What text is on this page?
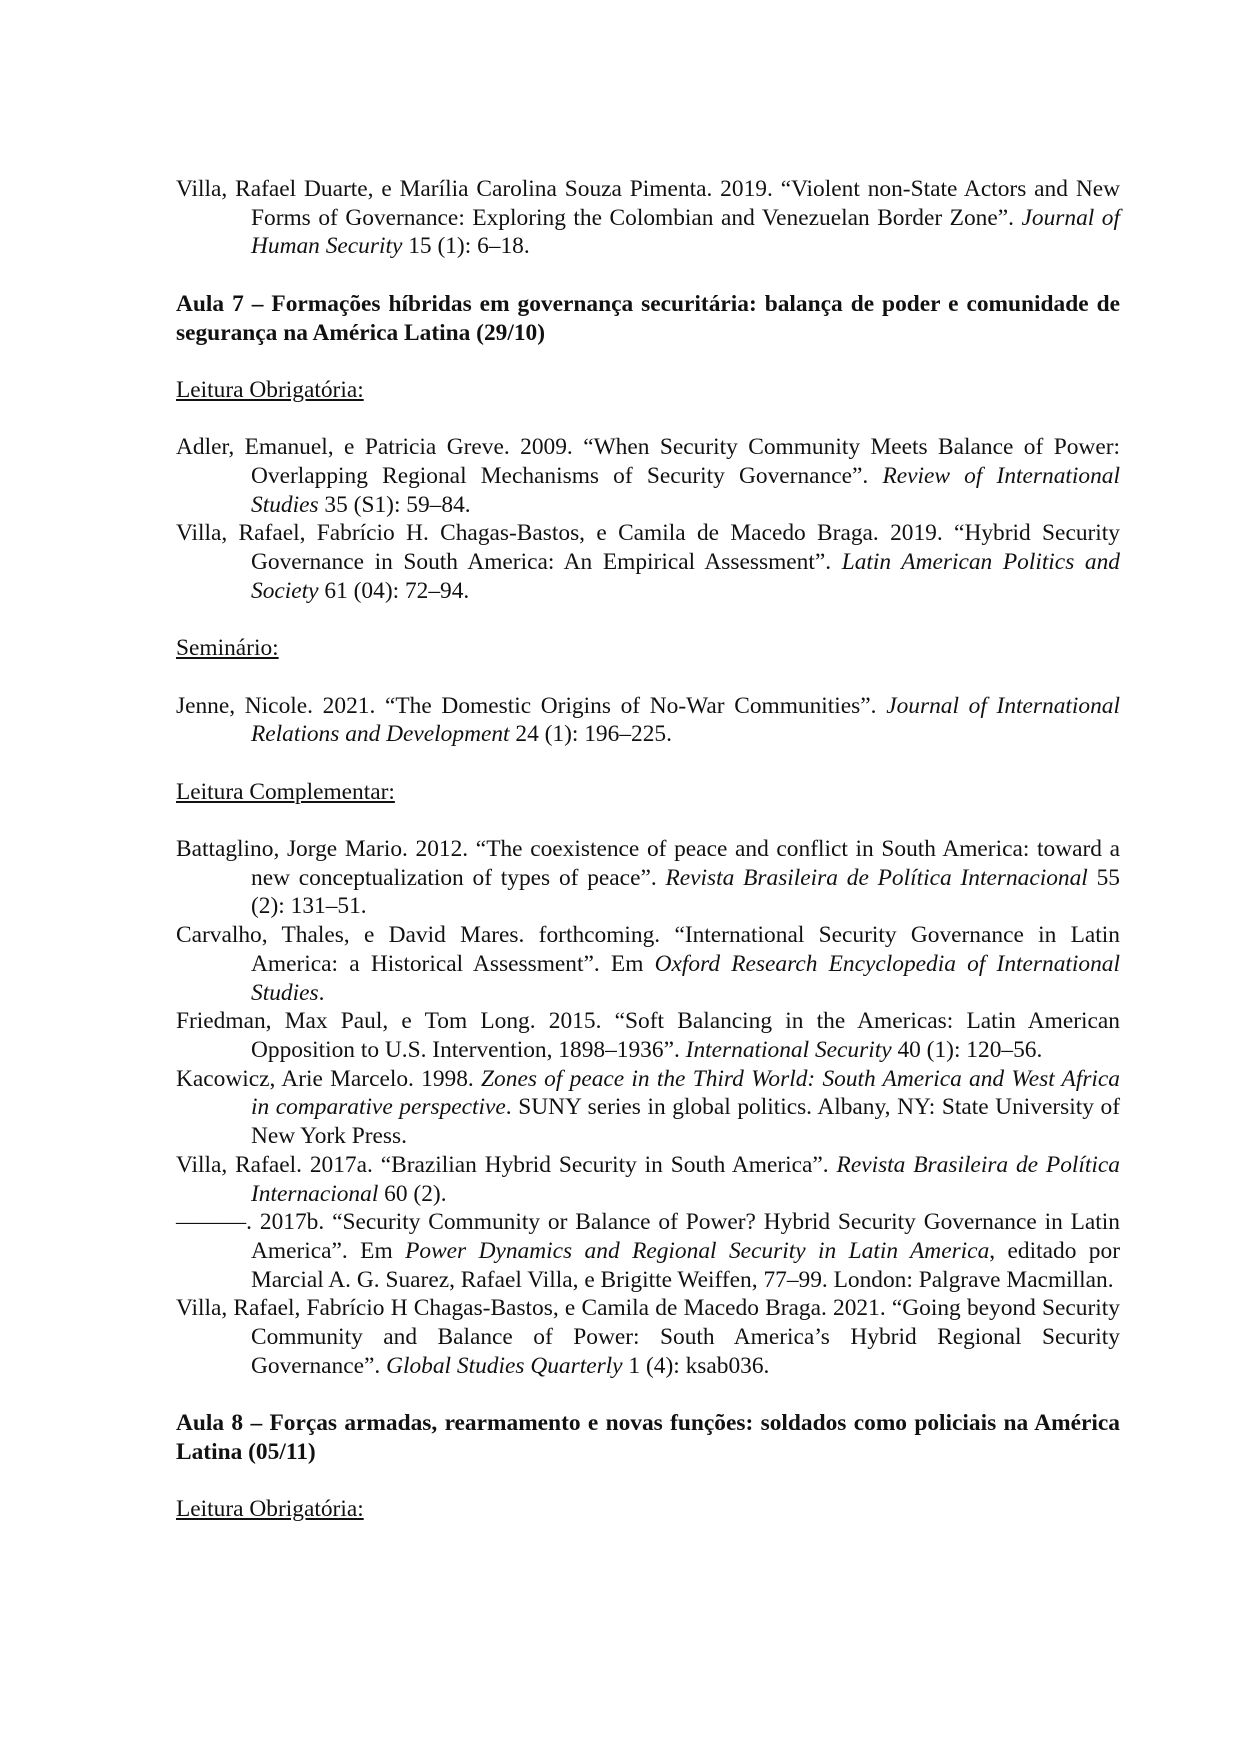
Villa, Rafael Duarte, e Marília Carolina Souza Pimenta. 2019. “Violent non-State Actors and New Forms of Governance: Exploring the Colombian and Venezuelan Border Zone”. Journal of Human Security 15 (1): 6–18.

Aula 7 – Formações híbridas em governança securitária: balança de poder e comunidade de segurança na América Latina (29/10)

Leitura Obrigatória:

Adler, Emanuel, e Patricia Greve. 2009. “When Security Community Meets Balance of Power: Overlapping Regional Mechanisms of Security Governance”. Review of International Studies 35 (S1): 59–84.

Villa, Rafael, Fabrício H. Chagas-Bastos, e Camila de Macedo Braga. 2019. “Hybrid Security Governance in South America: An Empirical Assessment”. Latin American Politics and Society 61 (04): 72–94.

Seminário:

Jenne, Nicole. 2021. “The Domestic Origins of No-War Communities”. Journal of International Relations and Development 24 (1): 196–225.

Leitura Complementar:

Battaglino, Jorge Mario. 2012. “The coexistence of peace and conflict in South America: toward a new conceptualization of types of peace”. Revista Brasileira de Política Internacional 55 (2): 131–51.

Carvalho, Thales, e David Mares. forthcoming. “International Security Governance in Latin America: a Historical Assessment”. Em Oxford Research Encyclopedia of International Studies.

Friedman, Max Paul, e Tom Long. 2015. “Soft Balancing in the Americas: Latin American Opposition to U.S. Intervention, 1898–1936”. International Security 40 (1): 120–56.

Kacowicz, Arie Marcelo. 1998. Zones of peace in the Third World: South America and West Africa in comparative perspective. SUNY series in global politics. Albany, NY: State University of New York Press.

Villa, Rafael. 2017a. “Brazilian Hybrid Security in South America”. Revista Brasileira de Política Internacional 60 (2).

———. 2017b. “Security Community or Balance of Power? Hybrid Security Governance in Latin America”. Em Power Dynamics and Regional Security in Latin America, editado por Marcial A. G. Suarez, Rafael Villa, e Brigitte Weiffen, 77–99. London: Palgrave Macmillan.

Villa, Rafael, Fabrício H Chagas-Bastos, e Camila de Macedo Braga. 2021. “Going beyond Security Community and Balance of Power: South America’s Hybrid Regional Security Governance”. Global Studies Quarterly 1 (4): ksab036.

Aula 8 – Forças armadas, rearmamento e novas funções: soldados como policiais na América Latina (05/11)

Leitura Obrigatória:
